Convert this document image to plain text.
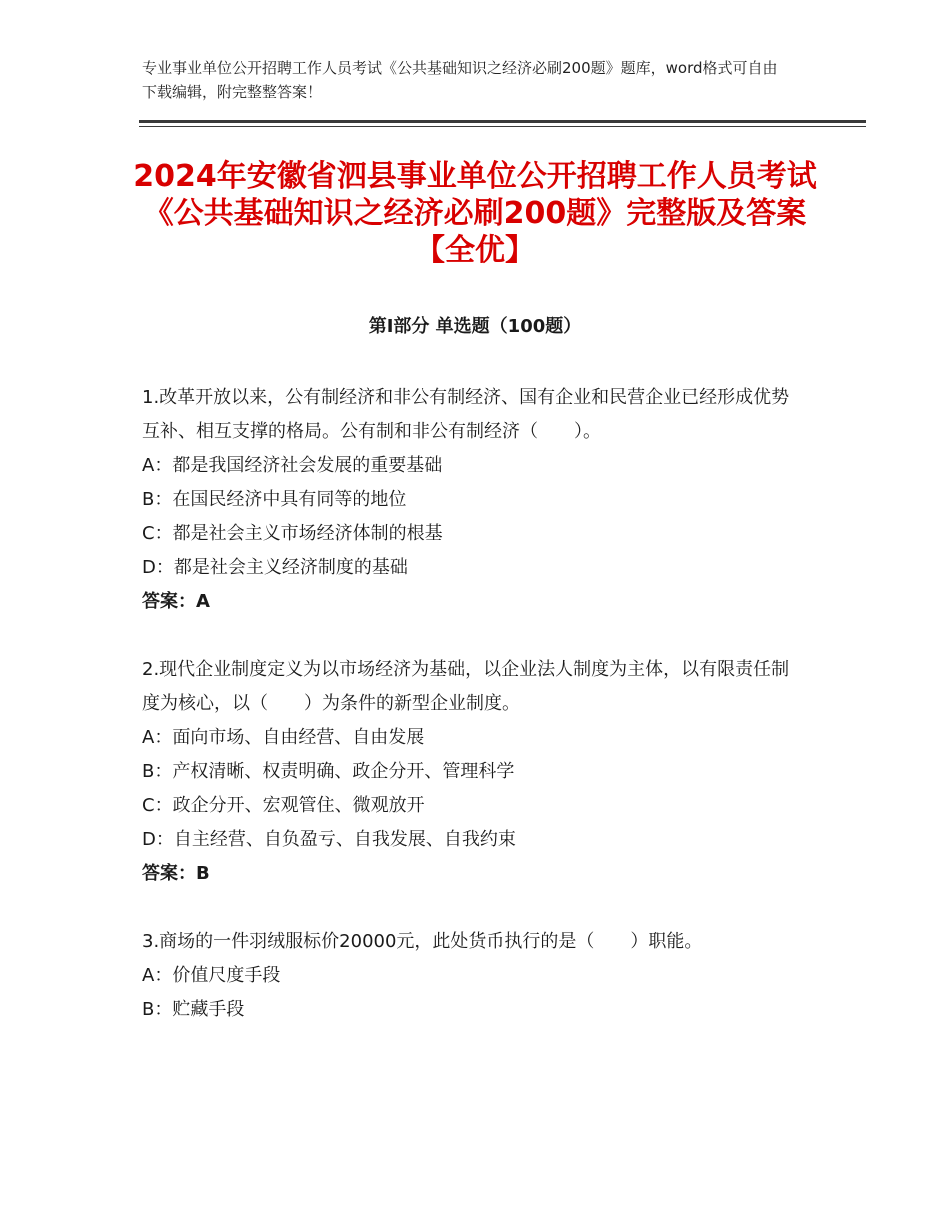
专业事业单位公开招聘工作人员考试《公共基础知识之经济必刷200题》题库，word格式可自由下载编辑，附完整整答案！
2024年安徽省泗县事业单位公开招聘工作人员考试《公共基础知识之经济必刷200题》完整版及答案【全优】
第Ⅰ部分 单选题（100题）
1.改革开放以来，公有制经济和非公有制经济、国有企业和民营企业已经形成优势互补、相互支撑的格局。公有制和非公有制经济（　　）。
A：都是我国经济社会发展的重要基础
B：在国民经济中具有同等的地位
C：都是社会主义市场经济体制的根基
D：都是社会主义经济制度的基础
答案：A
2.现代企业制度定义为以市场经济为基础，以企业法人制度为主体，以有限责任制度为核心，以（　　）为条件的新型企业制度。
A：面向市场、自由经营、自由发展
B：产权清晰、权责明确、政企分开、管理科学
C：政企分开、宏观管住、微观放开
D：自主经营、自负盈亏、自我发展、自我约束
答案：B
3.商场的一件羽绒服标价20000元，此处货币执行的是（　　）职能。
A：价值尺度手段
B：贮藏手段
